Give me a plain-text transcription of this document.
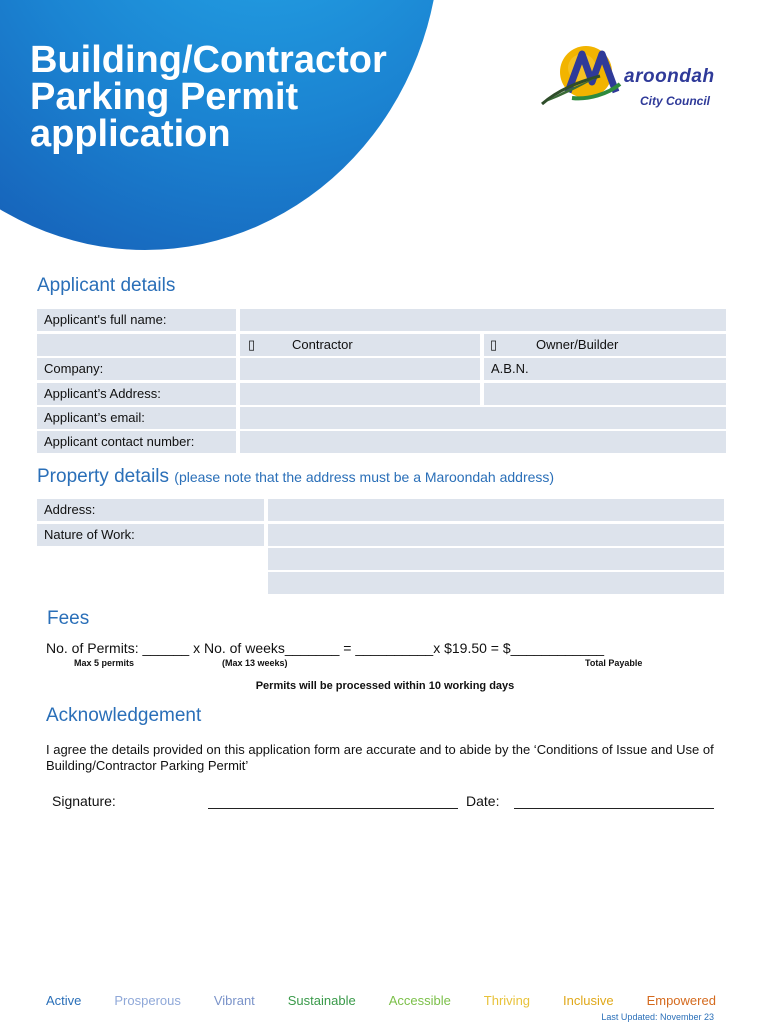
Building/Contractor
Parking Permit
application
aroondah
City Council
Applicant details
Applicant's full name:
▯	Contractor	▯	Owner/Builder
Company:	A.B.N.
Applicant’s Address:
Applicant’s email:
Applicant contact number:
Property details (please note that the address must be a Maroondah address)
Address:
Nature of Work:
Fees
No. of Permits: ______ x No. of weeks_______ = __________x $19.50 = $____________
Max 5 permits	(Max 13 weeks)	Total Payable
Permits will be processed within 10 working days
Acknowledgement

I agree the details provided on this application form are accurate and to abide by the ‘Conditions of Issue and Use of Building/Contractor Parking Permit’

Signature:	Date:
Active	Prosperous	Vibrant	Sustainable	Accessible	Thriving	Inclusive	Empowered
Last Updated: November 23
